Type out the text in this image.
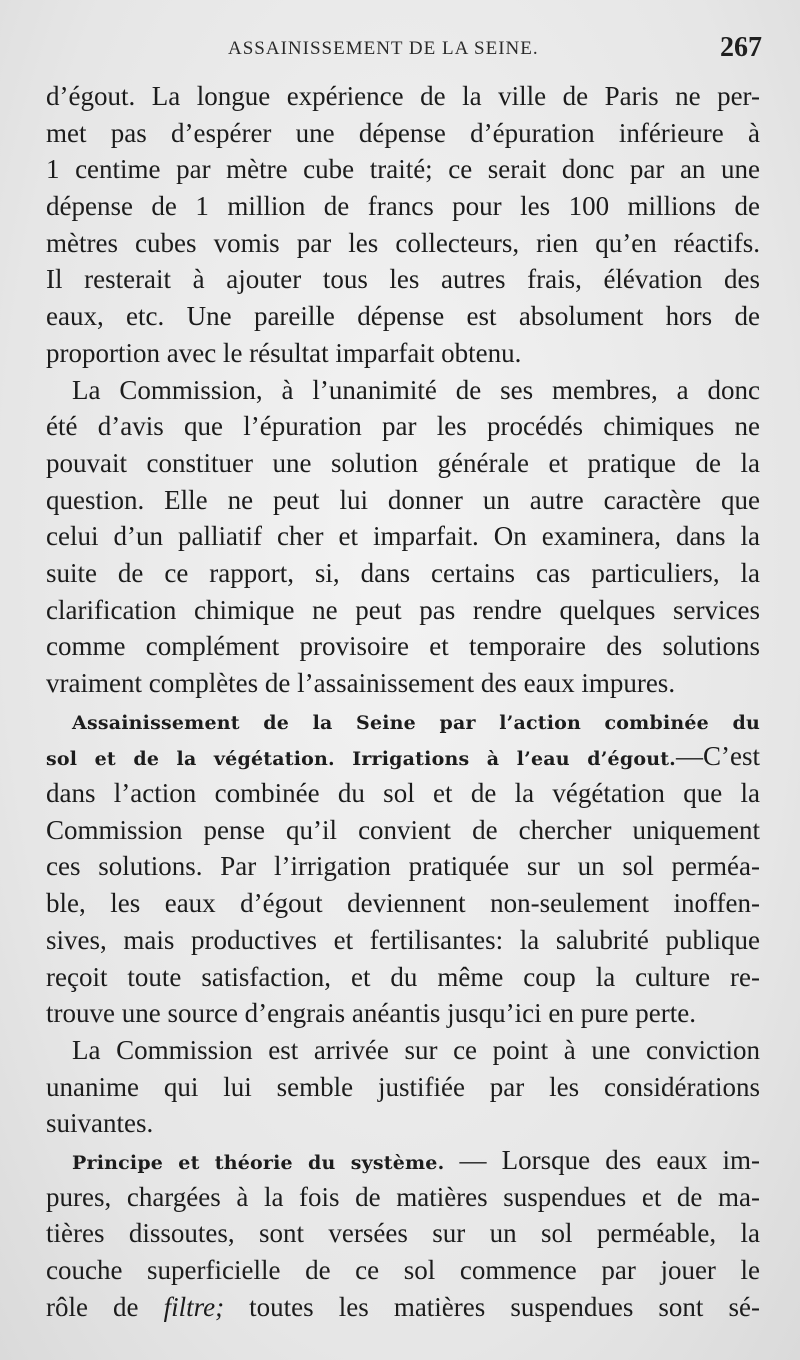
ASSAINISSEMENT DE LA SEINE.	267
d’égout. La longue expérience de la ville de Paris ne per-
met pas d’espérer une dépense d’épuration inférieure à
1 centime par mètre cube traité; ce serait donc par an une
dépense de 1 million de francs pour les 100 millions de
mètres cubes vomis par les collecteurs, rien qu’en réactifs.
Il resterait à ajouter tous les autres frais, élévation des
eaux, etc. Une pareille dépense est absolument hors de
proportion avec le résultat imparfait obtenu.
La Commission, à l’unanimité de ses membres, a donc
été d’avis que l’épuration par les procédés chimiques ne
pouvait constituer une solution générale et pratique de la
question. Elle ne peut lui donner un autre caractère que
celui d’un palliatif cher et imparfait. On examinera, dans la
suite de ce rapport, si, dans certains cas particuliers, la
clarification chimique ne peut pas rendre quelques services
comme complément provisoire et temporaire des solutions
vraiment complètes de l’assainissement des eaux impures.
Assainissement de la Seine par l’action combinée du
sol et de la végétation. Irrigations à l’eau d’égout.—C’est
dans l’action combinée du sol et de la végétation que la
Commission pense qu’il convient de chercher uniquement
ces solutions. Par l’irrigation pratiquée sur un sol perméa-
ble, les eaux d’égout deviennent non-seulement inoffen-
sives, mais productives et fertilisantes: la salubrité publique
reçoit toute satisfaction, et du même coup la culture re-
trouve une source d’engrais anéantis jusqu’ici en pure perte.
La Commission est arrivée sur ce point à une conviction
unanime qui lui semble justifiée par les considérations
suivantes.
Principe et théorie du système. — Lorsque des eaux im-
pures, chargées à la fois de matières suspendues et de ma-
tières dissoutes, sont versées sur un sol perméable, la
couche superficielle de ce sol commence par jouer le
rôle de filtre; toutes les matières suspendues sont sé-
